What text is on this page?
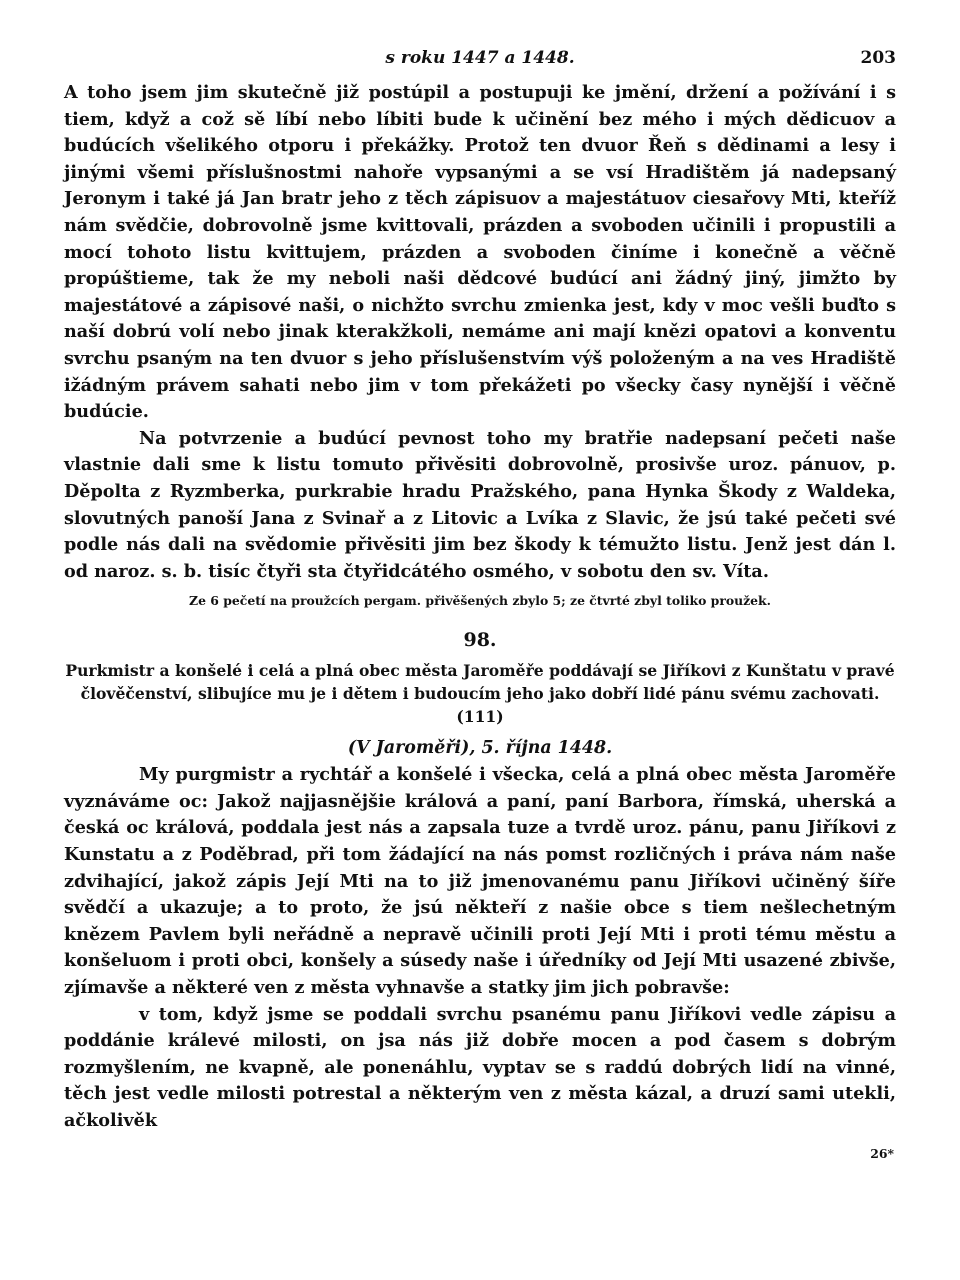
s roku 1447 a 1448.	203

A toho jsem jim skutečně již postúpil a postupuji ke jmění, držení a požívání i s tiem, když a což sě líbí nebo líbiti bude k učinění bez mého i mých dědicuov a budúcích všelikého otporu i překážky. Protož ten dvuor Řeň s dědinami a lesy i jinými všemi příslušnostmi nahoře vypsanými a se vsí Hradištěm já nadepsaný Jeronym i také já Jan bratr jeho z těch zápisuov a majestátuov ciesařovy Mti, kteříž nám svědčie, dobrovolně jsme kvittovali, prázden a svoboden učinili i propustili a mocí tohoto listu kvittujem, prázden a svoboden činíme i konečně a věčně propúštieme, tak že my neboli naši dědcové budúcí ani žádný jiný, jimžto by majestátové a zápisové naši, o nichžto svrchu zmienka jest, kdy v moc vešli buďto s naší dobrú volí nebo jinak kterakžkoli, nemáme ani mají knězi opatovi a konventu svrchu psaným na ten dvuor s jeho příslušenstvím výš položeným a na ves Hradiště ižádným právem sahati nebo jim v tom překážeti po všecky časy nynější i věčně budúcie.

Na potvrzenie a budúcí pevnost toho my bratřie nadepsaní pečeti naše vlastnie dali sme k listu tomuto přivěsiti dobrovolně, prosivše uroz. pánuov, p. Děpolta z Ryzmberka, purkrabie hradu Pražského, pana Hynka Škody z Waldeka, slovutných panoší Jana z Svinař a z Litovic a Lvíka z Slavic, že jsú také pečeti své podle nás dali na svědomie přivěsiti jim bez škody k témužto listu. Jenž jest dán l. od naroz. s. b. tisíc čtyři sta čtyřidcátého osmého, v sobotu den sv. Víta.

Ze 6 pečetí na proužcích pergam. přivěšených zbylo 5; ze čtvrté zbyl toliko proužek.

98.

Purkmistr a konšelé i celá a plná obec města Jaroměře poddávají se Jiříkovi z Kunštatu v pravé člověčenství, slibujíce mu je i dětem i budoucím jeho jako dobří lidé pánu svému zachovati. (111)

(V Jaroměři), 5. října 1448.

My purgmistr a rychtář a konšelé i všecka, celá a plná obec města Jaroměře vyznáváme oc: Jakož najjasnějšie králová a paní, paní Barbora, římská, uherská a česká oc králová, poddala jest nás a zapsala tuze a tvrdě uroz. pánu, panu Jiříkovi z Kunstatu a z Poděbrad, při tom žádající na nás pomst rozličných i práva nám naše zdvihající, jakož zápis Její Mti na to již jmenovanému panu Jiříkovi učiněný šíře svědčí a ukazuje; a to proto, že jsú někteří z našie obce s tiem nešlechetným knězem Pavlem byli neřádně a nepravě učinili proti Její Mti i proti tému městu a konšeluom i proti obci, konšely a súsedy naše i úředníky od Její Mti usazené zbivše, zjímavše a některé ven z města vyhnavše a statky jim jich pobravše:

v tom, když jsme se poddali svrchu psanému panu Jiříkovi vedle zápisu a poddánie králevé milosti, on jsa nás již dobře mocen a pod časem s dobrým rozmyšlením, ne kvapně, ale ponenáhlu, vyptav se s raddú dobrých lidí na vinné, těch jest vedle milosti potrestal a některým ven z města kázal, a druzí sami utekli, ačkolivěk

26*
